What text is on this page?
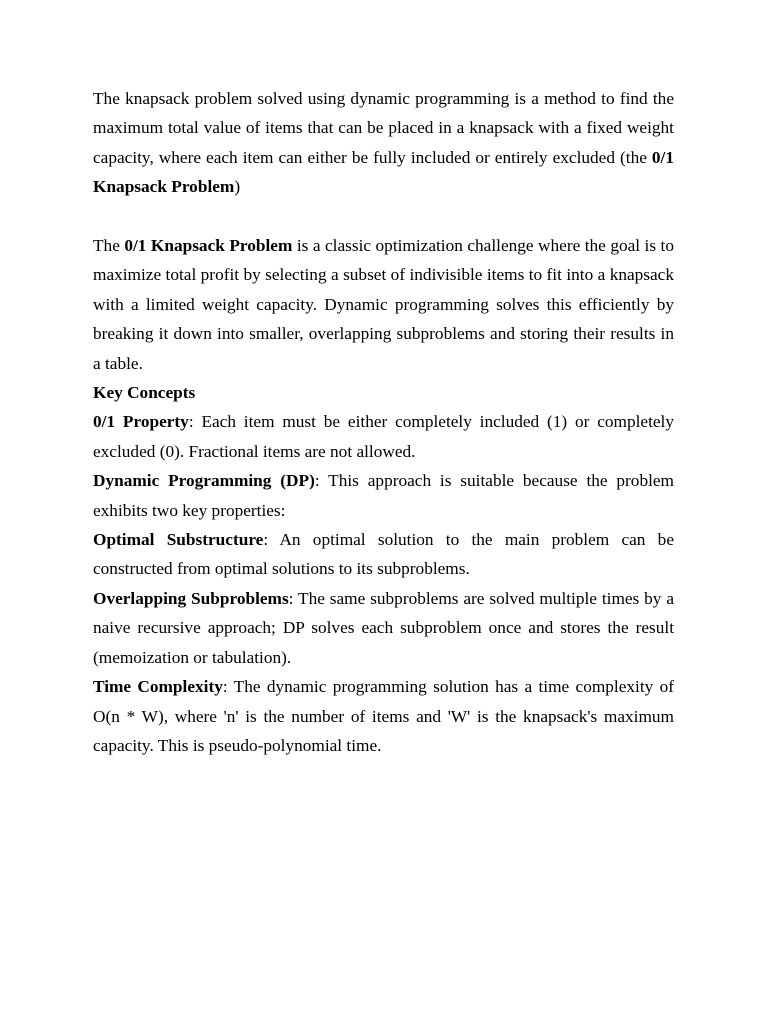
The knapsack problem solved using dynamic programming is a method to find the maximum total value of items that can be placed in a knapsack with a fixed weight capacity, where each item can either be fully included or entirely excluded (the 0/1 Knapsack Problem)

The 0/1 Knapsack Problem is a classic optimization challenge where the goal is to maximize total profit by selecting a subset of indivisible items to fit into a knapsack with a limited weight capacity. Dynamic programming solves this efficiently by breaking it down into smaller, overlapping subproblems and storing their results in a table.

Key Concepts

0/1 Property: Each item must be either completely included (1) or completely excluded (0). Fractional items are not allowed.

Dynamic Programming (DP): This approach is suitable because the problem exhibits two key properties:

Optimal Substructure: An optimal solution to the main problem can be constructed from optimal solutions to its subproblems.

Overlapping Subproblems: The same subproblems are solved multiple times by a naive recursive approach; DP solves each subproblem once and stores the result (memoization or tabulation).

Time Complexity: The dynamic programming solution has a time complexity of O(n * W), where 'n' is the number of items and 'W' is the knapsack's maximum capacity. This is pseudo-polynomial time.
